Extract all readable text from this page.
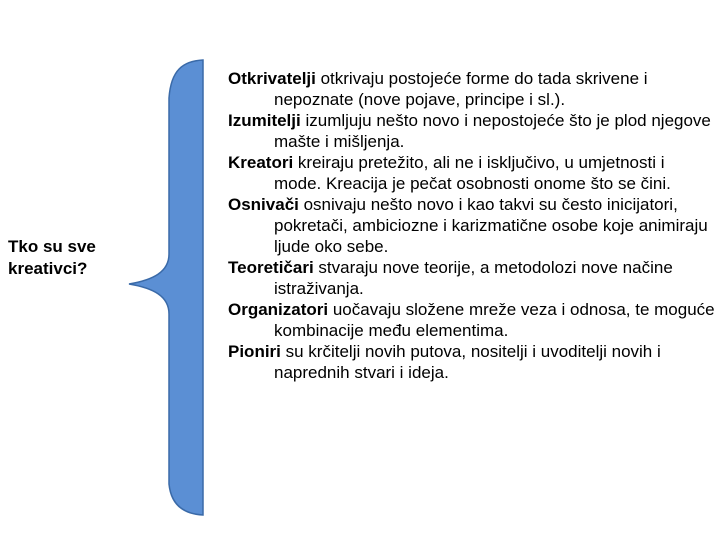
Tko su sve
kreativci?

Otkrivatelji otkrivaju postojeće forme do tada skrivene i nepoznate (nove pojave, principe i sl.).

Izumitelji izumljuju nešto novo i nepostojeće što je plod njegove mašte i mišljenja.

Kreatori kreiraju pretežito, ali ne i isključivo, u umjetnosti i mode. Kreacija je pečat osobnosti onome što se čini.

Osnivači osnivaju nešto novo i kao takvi su često inicijatori, pokretači, ambiciozne i karizmatične osobe koje animiraju ljude oko sebe.

Teoretičari stvaraju nove teorije, a metodolozi nove načine istraživanja.

Organizatori uočavaju složene mreže veza i odnosa, te moguće kombinacije među elementima.

Pioniri su krčitelji novih putova, nositelji i uvoditelji novih i naprednih stvari i ideja.
